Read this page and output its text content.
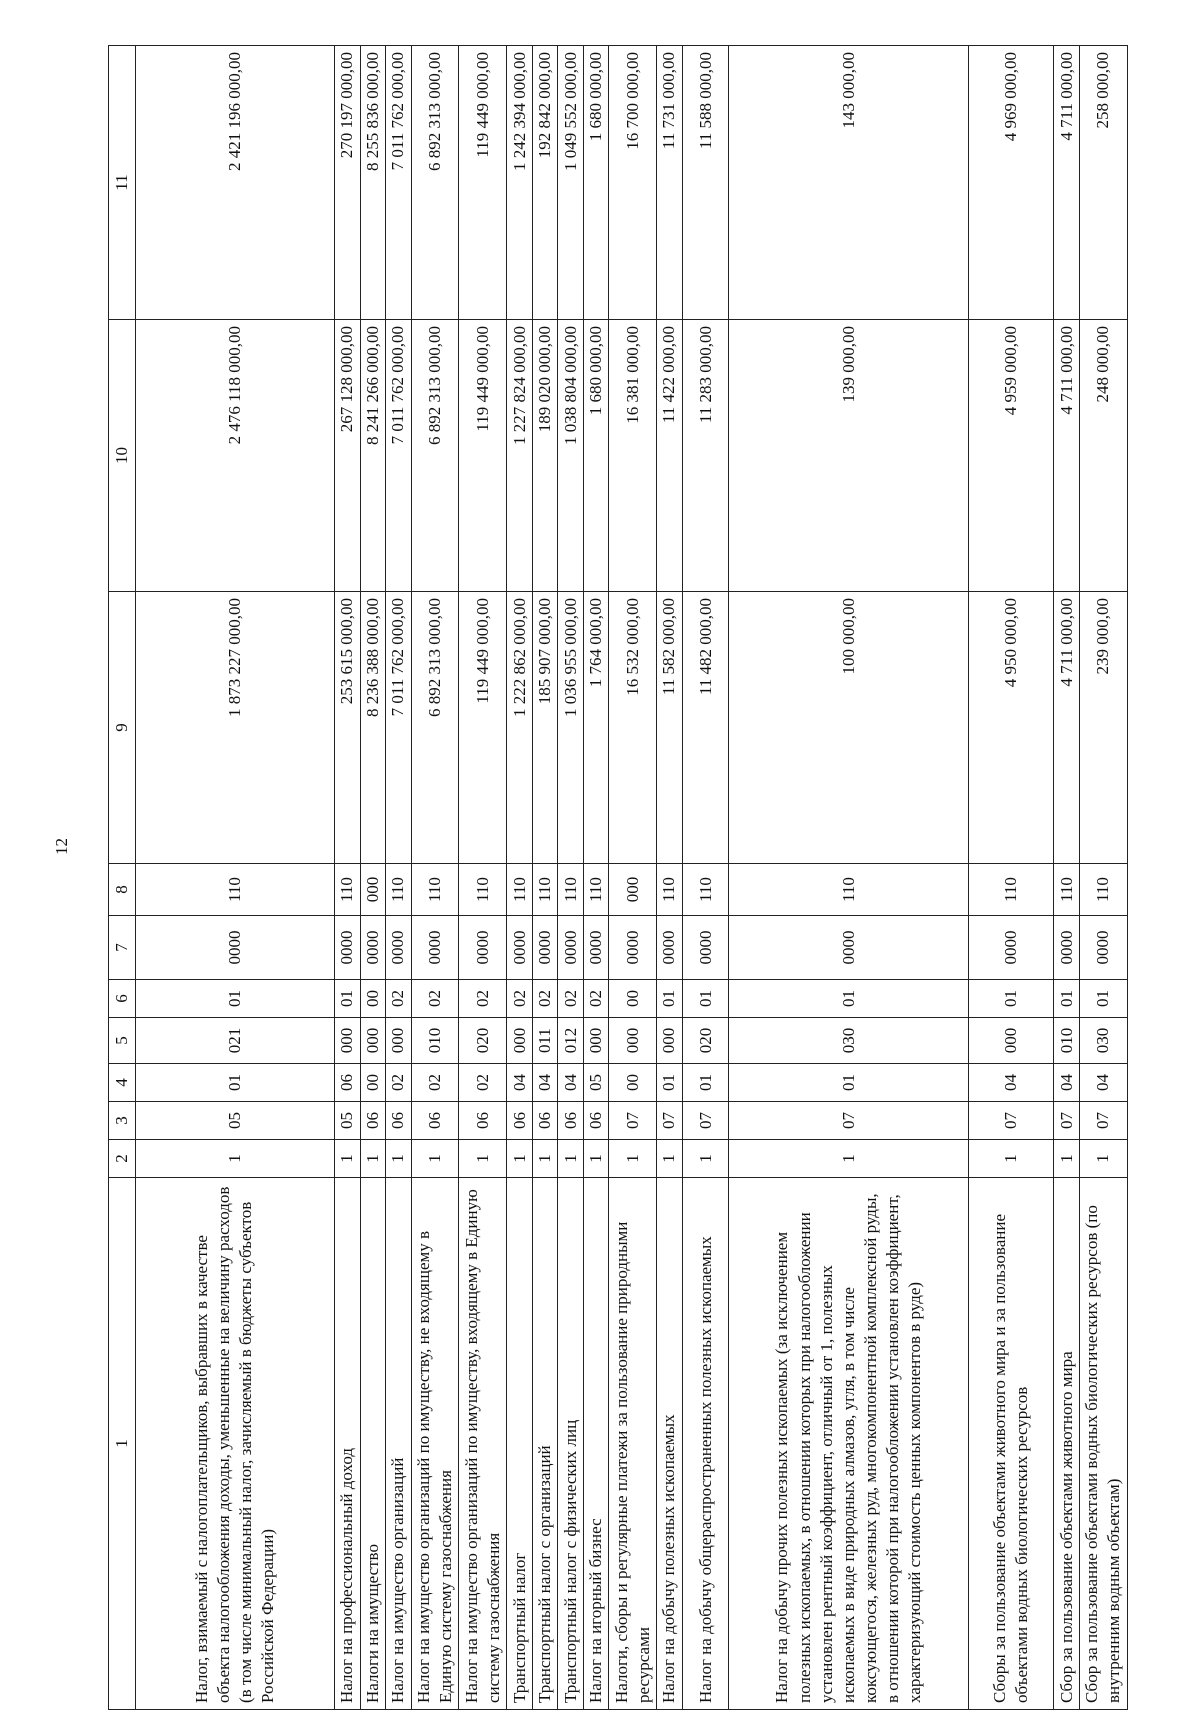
12
1	2	3	4	5	6	7	8	9	10	11
Налог, взимаемый с налогоплательщиков, выбравших в качестве объекта налогообложения доходы, уменьшенные на величину расходов (в том числе минимальный налог, зачисляемый в бюджеты субъектов Российской Федерации)	1	05	01	021	01	0000	110	1 873 227 000,00	2 476 118 000,00	2 421 196 000,00
Налог на профессиональный доход	1	05	06	000	01	0000	110	253 615 000,00	267 128 000,00	270 197 000,00
Налоги на имущество	1	06	00	000	00	0000	000	8 236 388 000,00	8 241 266 000,00	8 255 836 000,00
Налог на имущество организаций	1	06	02	000	02	0000	110	7 011 762 000,00	7 011 762 000,00	7 011 762 000,00
Налог на имущество организаций по имуществу, не входящему в Единую систему газоснабжения	1	06	02	010	02	0000	110	6 892 313 000,00	6 892 313 000,00	6 892 313 000,00
Налог на имущество организаций по имуществу, входящему в Единую систему газоснабжения	1	06	02	020	02	0000	110	119 449 000,00	119 449 000,00	119 449 000,00
Транспортный налог	1	06	04	000	02	0000	110	1 222 862 000,00	1 227 824 000,00	1 242 394 000,00
Транспортный налог с организаций	1	06	04	011	02	0000	110	185 907 000,00	189 020 000,00	192 842 000,00
Транспортный налог с физических лиц	1	06	04	012	02	0000	110	1 036 955 000,00	1 038 804 000,00	1 049 552 000,00
Налог на игорный бизнес	1	06	05	000	02	0000	110	1 764 000,00	1 680 000,00	1 680 000,00
Налоги, сборы и регулярные платежи за пользование природными ресурсами	1	07	00	000	00	0000	000	16 532 000,00	16 381 000,00	16 700 000,00
Налог на добычу полезных ископаемых	1	07	01	000	01	0000	110	11 582 000,00	11 422 000,00	11 731 000,00
Налог на добычу общераспространенных полезных ископаемых	1	07	01	020	01	0000	110	11 482 000,00	11 283 000,00	11 588 000,00
Налог на добычу прочих полезных ископаемых (за исключением полезных ископаемых, в отношении которых при налогообложении установлен рентный коэффициент, отличный от 1, полезных ископаемых в виде природных алмазов, угля, в том числе коксующегося, железных руд, многокомпонентной комплексной руды, в отношении которой при налогообложении установлен коэффициент, характеризующий стоимость ценных компонентов в руде)	1	07	01	030	01	0000	110	100 000,00	139 000,00	143 000,00
Сборы за пользование объектами животного мира и за пользование объектами водных биологических ресурсов	1	07	04	000	01	0000	110	4 950 000,00	4 959 000,00	4 969 000,00
Сбор за пользование объектами животного мира	1	07	04	010	01	0000	110	4 711 000,00	4 711 000,00	4 711 000,00
Сбор за пользование объектами водных биологических ресурсов (по внутренним водным объектам)	1	07	04	030	01	0000	110	239 000,00	248 000,00	258 000,00
